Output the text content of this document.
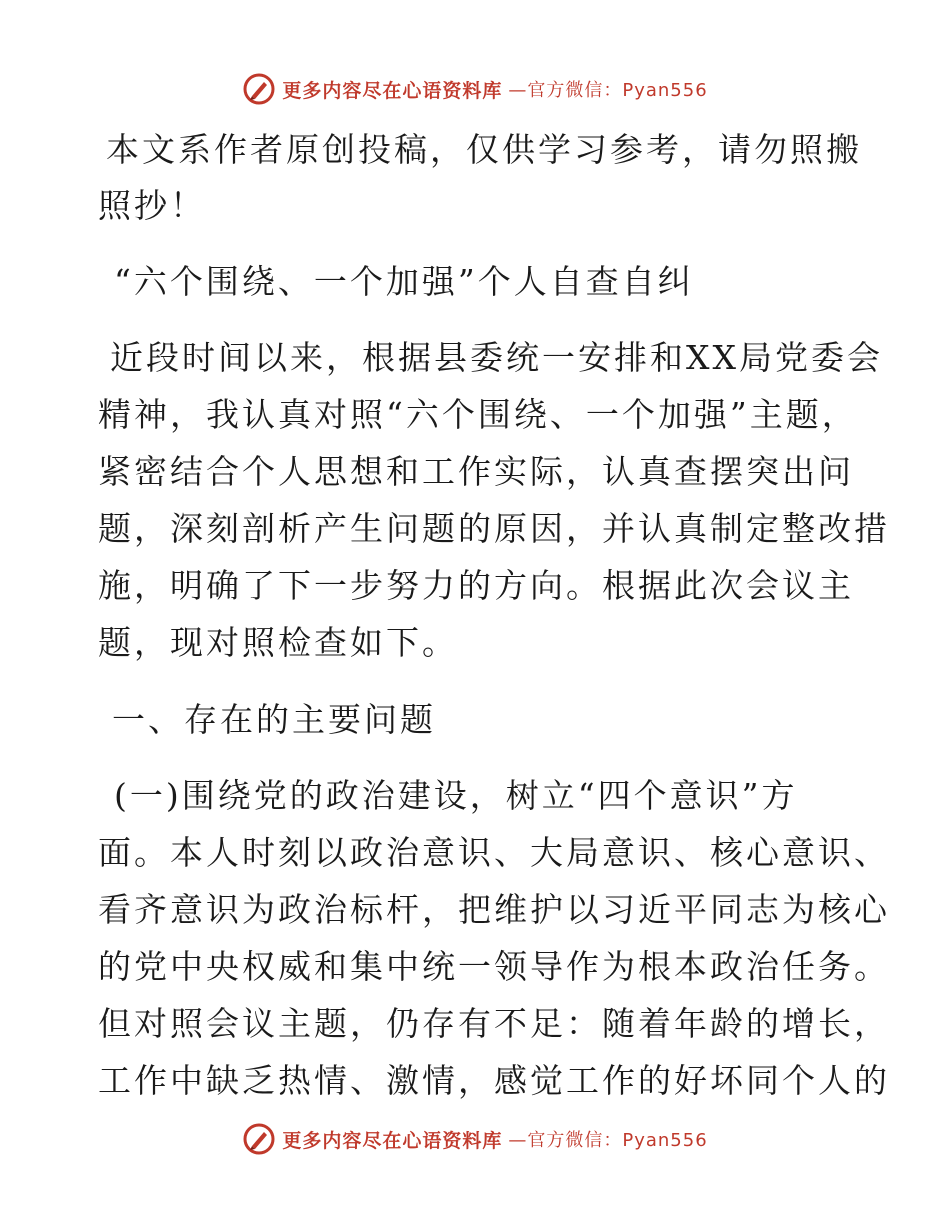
更多内容尽在心语资料库 —官方微信：Pyan556
本文系作者原创投稿，仅供学习参考，请勿照搬
照抄！
“六个围绕、一个加强”个人自查自纠
近段时间以来，根据县委统一安排和XX局党委会
精神，我认真对照“六个围绕、一个加强”主题，
紧密结合个人思想和工作实际，认真查摆突出问
题，深刻剖析产生问题的原因，并认真制定整改措
施，明确了下一步努力的方向。根据此次会议主
题，现对照检查如下。
一、存在的主要问题
(一)围绕党的政治建设，树立“四个意识”方
面。本人时刻以政治意识、大局意识、核心意识、
看齐意识为政治标杆，把维护以习近平同志为核心
的党中央权威和集中统一领导作为根本政治任务。
但对照会议主题，仍存有不足：随着年龄的增长，
工作中缺乏热情、激情，感觉工作的好坏同个人的
更多内容尽在心语资料库 —官方微信：Pyan556
